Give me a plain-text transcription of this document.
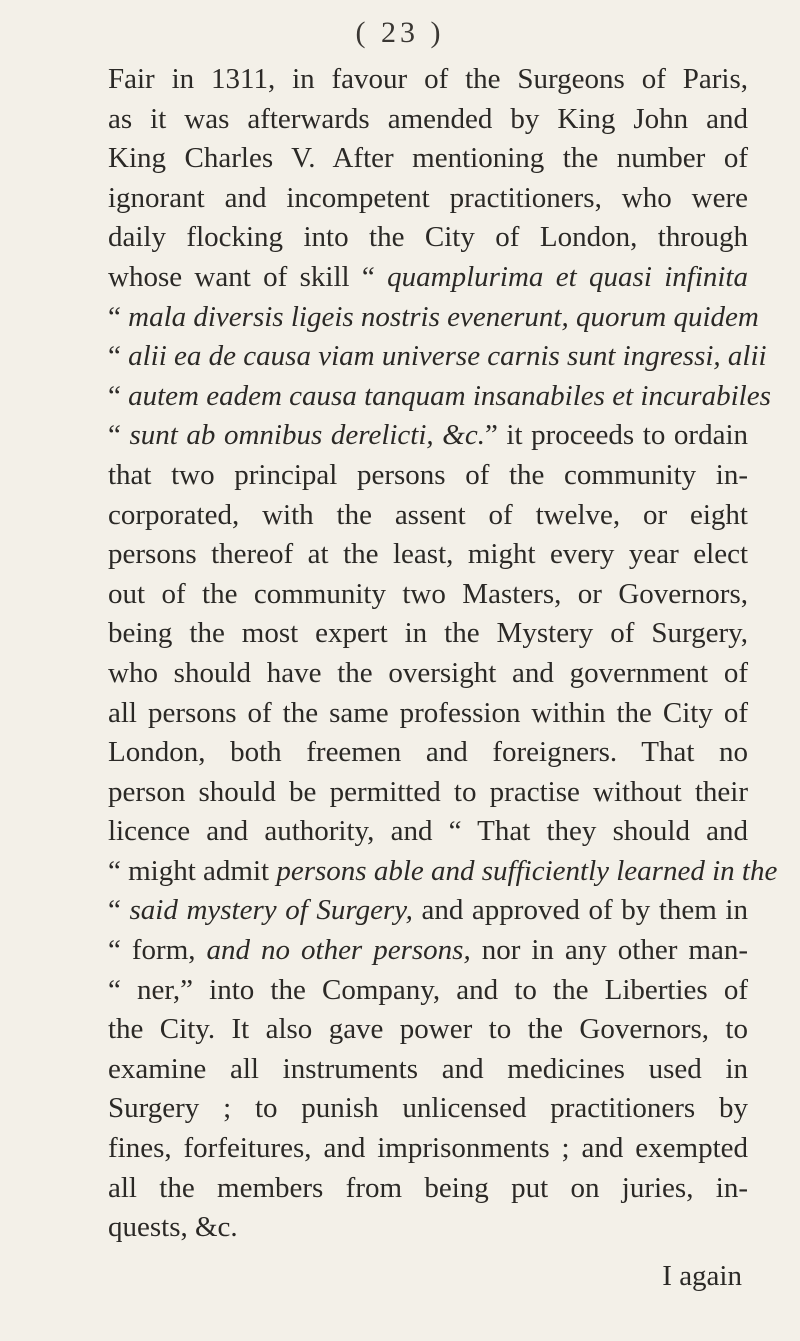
( 23 )
Fair in 1311, in favour of the Surgeons of Paris,
as it was afterwards amended by King John and
King Charles V. After mentioning the number of
ignorant and incompetent practitioners, who were
daily flocking into the City of London, through
whose want of skill “ quamplurima et quasi infinita
“ mala diversis ligeis nostris evenerunt, quorum quidem
“ alii ea de causa viam universe carnis sunt ingressi, alii
“ autem eadem causa tanquam insanabiles et incurabiles
“ sunt ab omnibus derelicti, &c.” it proceeds to ordain
that two principal persons of the community in-
corporated, with the assent of twelve, or eight
persons thereof at the least, might every year elect
out of the community two Masters, or Governors,
being the most expert in the Mystery of Surgery,
who should have the oversight and government of
all persons of the same profession within the City of
London, both freemen and foreigners. That no
person should be permitted to practise without their
licence and authority, and “ That they should and
“ might admit persons able and sufficiently learned in the
“ said mystery of Surgery, and approved of by them in
“ form, and no other persons, nor in any other man-
“ ner,” into the Company, and to the Liberties of
the City. It also gave power to the Governors, to
examine all instruments and medicines used in
Surgery ; to punish unlicensed practitioners by
fines, forfeitures, and imprisonments ; and exempted
all the members from being put on juries, in-
quests, &c.
I again
